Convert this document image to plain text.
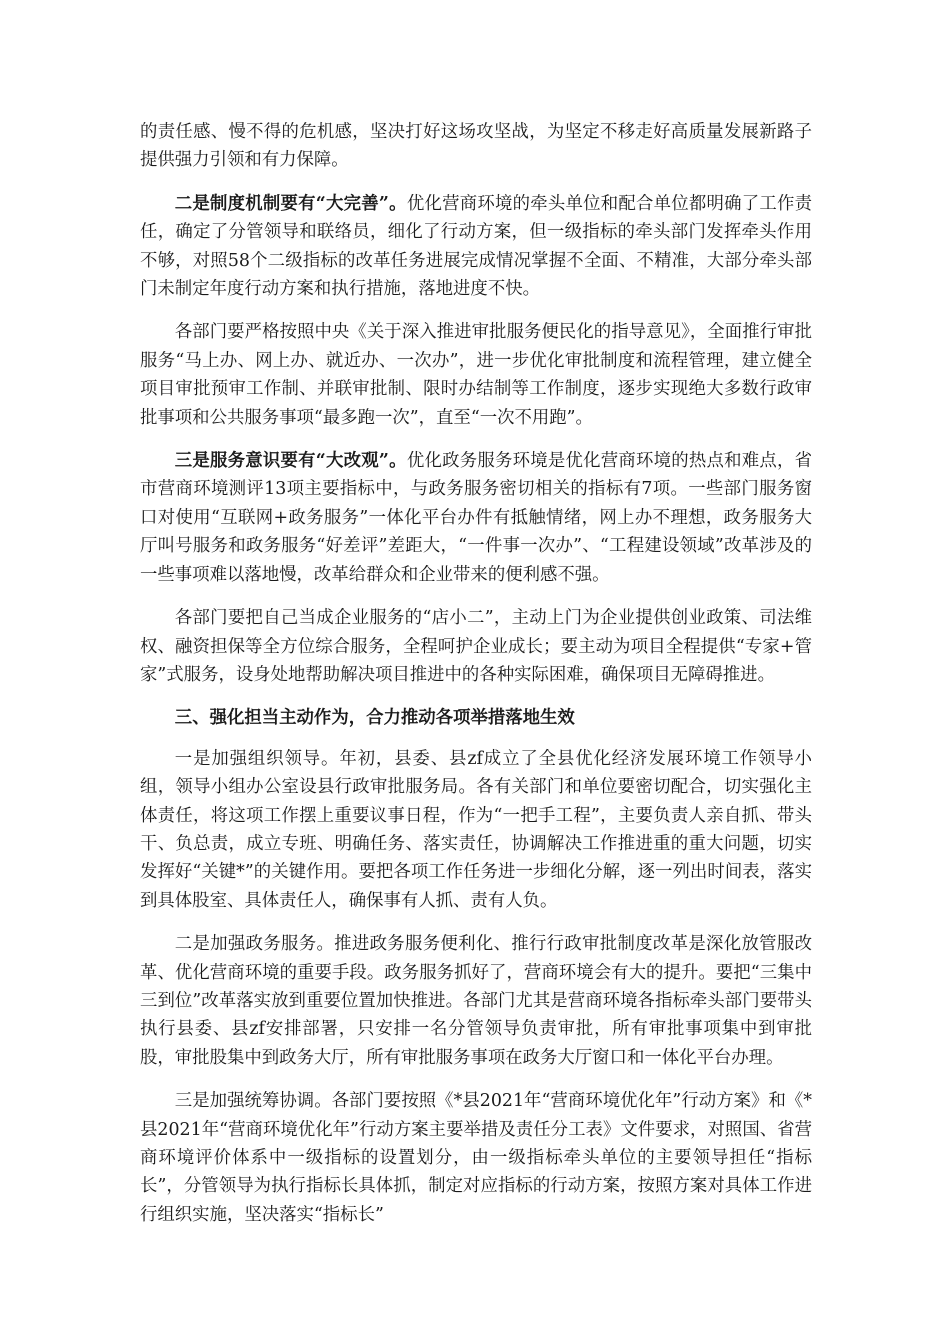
的责任感、慢不得的危机感，坚决打好这场攻坚战，为坚定不移走好高质量发展新路子提供强力引领和有力保障。

二是制度机制要有“大完善”。优化营商环境的牵头单位和配合单位都明确了工作责任，确定了分管领导和联络员，细化了行动方案，但一级指标的牵头部门发挥牵头作用不够，对照58个二级指标的改革任务进展完成情况掌握不全面、不精准，大部分牵头部门未制定年度行动方案和执行措施，落地进度不快。

各部门要严格按照中央《关于深入推进审批服务便民化的指导意见》，全面推行审批服务“马上办、网上办、就近办、一次办”，进一步优化审批制度和流程管理，建立健全项目审批预审工作制、并联审批制、限时办结制等工作制度，逐步实现绝大多数行政审批事项和公共服务事项“最多跑一次”，直至“一次不用跑”。

三是服务意识要有“大改观”。优化政务服务环境是优化营商环境的热点和难点，省市营商环境测评13项主要指标中，与政务服务密切相关的指标有7项。一些部门服务窗口对使用“互联网+政务服务”一体化平台办件有抵触情绪，网上办不理想，政务服务大厅叫号服务和政务服务“好差评”差距大，“一件事一次办”、“工程建设领域”改革涉及的一些事项难以落地慢，改革给群众和企业带来的便利感不强。

各部门要把自己当成企业服务的“店小二”，主动上门为企业提供创业政策、司法维权、融资担保等全方位综合服务，全程呵护企业成长；要主动为项目全程提供“专家+管家”式服务，设身处地帮助解决项目推进中的各种实际困难，确保项目无障碍推进。

三、强化担当主动作为，合力推动各项举措落地生效

一是加强组织领导。年初，县委、县zf成立了全县优化经济发展环境工作领导小组，领导小组办公室设县行政审批服务局。各有关部门和单位要密切配合，切实强化主体责任，将这项工作摆上重要议事日程，作为“一把手工程”，主要负责人亲自抓、带头干、负总责，成立专班、明确任务、落实责任，协调解决工作推进重的重大问题，切实发挥好“关键*”的关键作用。要把各项工作任务进一步细化分解，逐一列出时间表，落实到具体股室、具体责任人，确保事有人抓、责有人负。

二是加强政务服务。推进政务服务便利化、推行行政审批制度改革是深化放管服改革、优化营商环境的重要手段。政务服务抓好了，营商环境会有大的提升。要把“三集中三到位”改革落实放到重要位置加快推进。各部门尤其是营商环境各指标牵头部门要带头执行县委、县zf安排部署，只安排一名分管领导负责审批，所有审批事项集中到审批股，审批股集中到政务大厅，所有审批服务事项在政务大厅窗口和一体化平台办理。

三是加强统筹协调。各部门要按照《*县2021年“营商环境优化年”行动方案》和《*县2021年“营商环境优化年”行动方案主要举措及责任分工表》文件要求，对照国、省营商环境评价体系中一级指标的设置划分，由一级指标牵头单位的主要领导担任“指标长”，分管领导为执行指标长具体抓，制定对应指标的行动方案，按照方案对具体工作进行组织实施，坚决落实“指标长”
